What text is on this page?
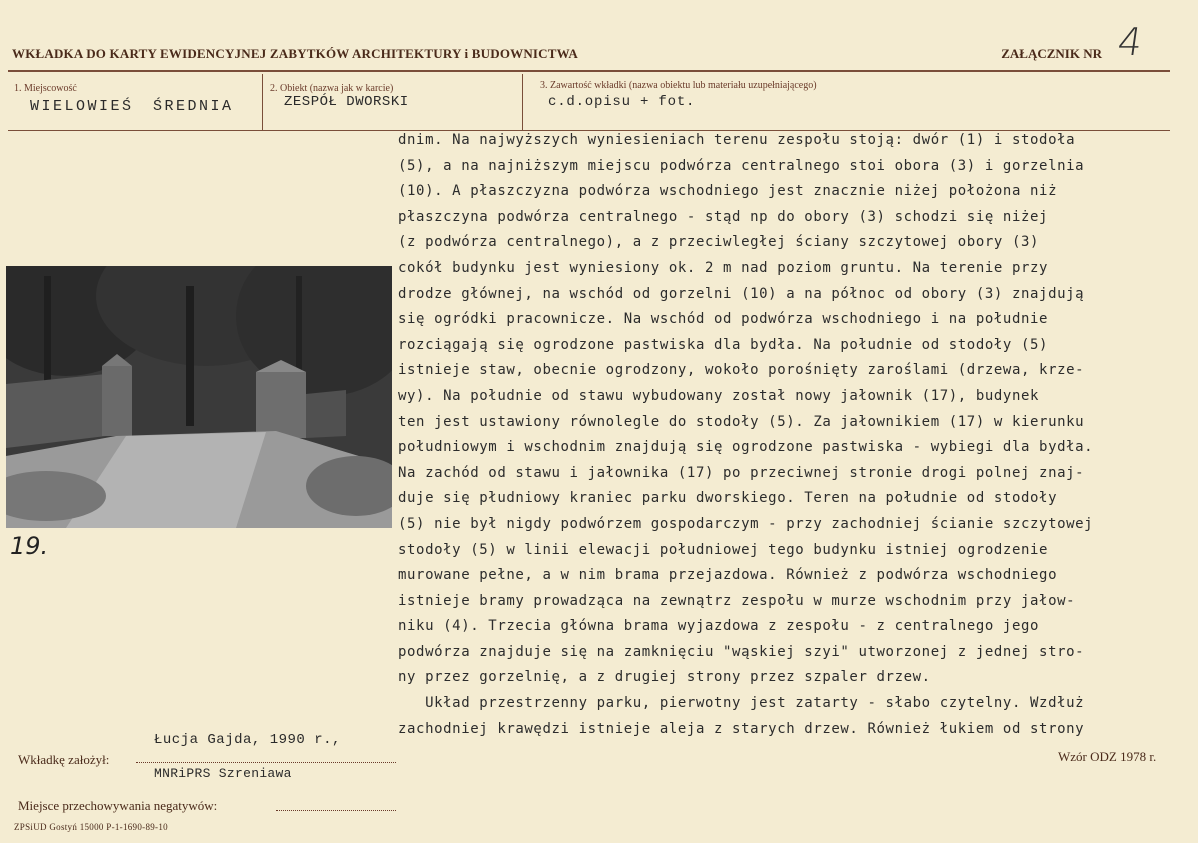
WKŁADKA DO KARTY EWIDENCYJNEJ ZABYTKÓW ARCHITEKTURY i BUDOWNICTWA	ZAŁĄCZNIK NR 4
1. Miejscowość
WIELOWIEŚ ŚREDNIA
2. Obiekt (nazwa jak w karcie)
ZESPÓŁ DWORSKI
3. Zawartość wkładki (nazwa obiektu lub materiału uzupełniającego)
c.d.opisu + fot.
dnim. Na najwyższych wyniesieniach terenu zespołu stoją: dwór (1) i stodoła
(5), a na najniższym miejscu podwórza centralnego stoi obora (3) i gorzelnia
(10). A płaszczyzna podwórza wschodniego jest znacznie niżej położona niż
płaszczyna podwórza centralnego - stąd np do obory (3) schodzi się niżej
(z podwórza centralnego), a z przeciwległej ściany szczytowej obory (3)
cokół budynku jest wyniesiony ok. 2 m nad poziom gruntu. Na terenie przy
drodze głównej, na wschód od gorzelni (10) a na północ od obory (3) znajdują
się ogródki pracownicze. Na wschód od podwórza wschodniego i na południe
rozciągają się ogrodzone pastwiska dla bydła. Na południe od stodoły (5)
istnieje staw, obecnie ogrodzony, wokoło porośnięty zaroślami (drzewa, krze-
wy). Na południe od stawu wybudowany został nowy jałownik (17), budynek
ten jest ustawiony równolegle do stodoły (5). Za jałownikiem (17) w kierunku
południowym i wschodnim znajdują się ogrodzone pastwiska - wybiegi dla bydła.
Na zachód od stawu i jałownika (17) po przeciwnej stronie drogi polnej znaj-
duje się płudniowy kraniec parku dworskiego. Teren na południe od stodoły
(5) nie był nigdy podwórzem gospodarczym - przy zachodniej ścianie szczytowej
stodoły (5) w linii elewacji południowej tego budynku istniej ogrodzenie
murowane pełne, a w nim brama przejazdowa. Również z podwórza wschodniego
istnieje bramy prowadząca na zewnątrz zespołu w murze wschodnim przy jałow-
niku (4). Trzecia główna brama wyjazdowa z zespołu - z centralnego jego
podwórza znajduje się na zamknięciu "wąskiej szyi" utworzonej z jednej stro-
ny przez gorzelnię, a z drugiej strony przez szpaler drzew.
Układ przestrzenny parku, pierwotny jest zatarty - słabo czytelny. Wzdłuż
zachodniej krawędzi istnieje aleja z starych drzew. Również łukiem od strony
19.
Łucja Gajda, 1990 r.,
Wkładkę założył:
MNRiPRS Szreniawa
Miejsce przechowywania negatywów:
Wzór ODZ 1978 r.
ZPSiUD Gostyń 15000 P-1-1690-89-10
